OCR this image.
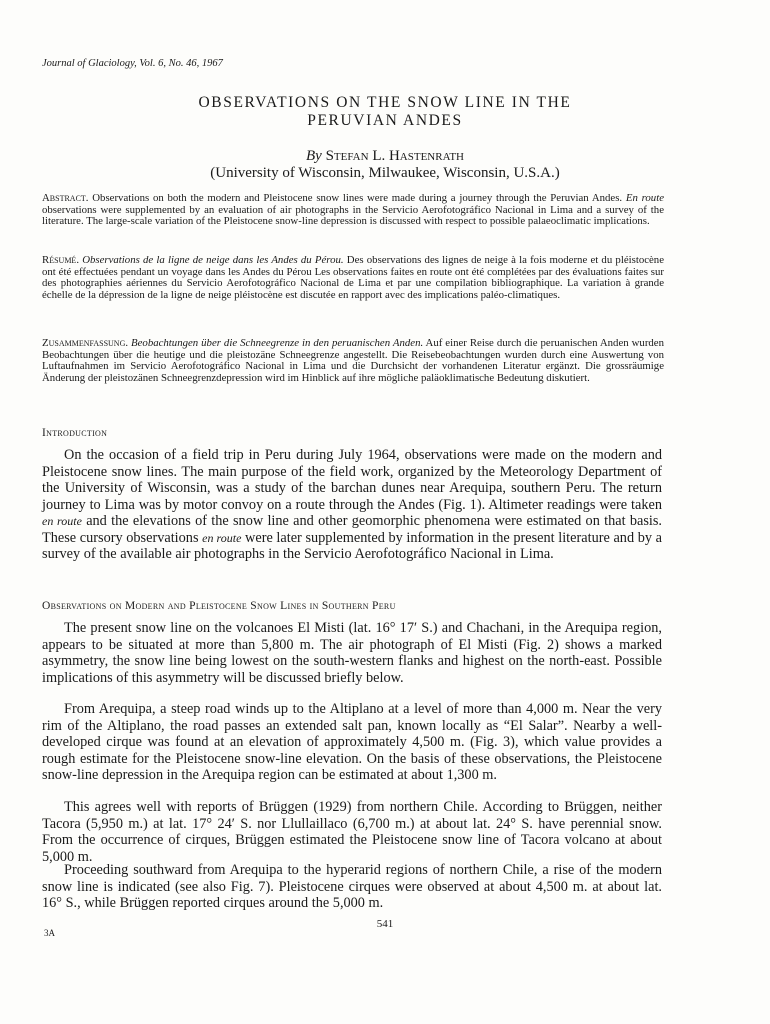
Journal of Glaciology, Vol. 6, No. 46, 1967
OBSERVATIONS ON THE SNOW LINE IN THE
PERUVIAN ANDES
By Stefan L. Hastenrath
(University of Wisconsin, Milwaukee, Wisconsin, U.S.A.)
Abstract. Observations on both the modern and Pleistocene snow lines were made during a journey through the Peruvian Andes. En route observations were supplemented by an evaluation of air photographs in the Servicio Aerofotográfico Nacional in Lima and a survey of the literature. The large-scale variation of the Pleistocene snow-line depression is discussed with respect to possible palaeoclimatic implications.
Résumé. Observations de la ligne de neige dans les Andes du Pérou. Des observations des lignes de neige à la fois moderne et du pléistocène ont été effectuées pendant un voyage dans les Andes du Pérou Les observations faites en route ont été complétées par des évaluations faites sur des photographies aériennes du Servicio Aerofotográfico Nacional de Lima et par une compilation bibliographique. La variation à grande échelle de la dépression de la ligne de neige pléistocène est discutée en rapport avec des implications paléo-climatiques.
Zusammenfassung. Beobachtungen über die Schneegrenze in den peruanischen Anden. Auf einer Reise durch die peruanischen Anden wurden Beobachtungen über die heutige und die pleistozäne Schneegrenze angestellt. Die Reisebeobachtungen wurden durch eine Auswertung von Luftaufnahmen im Servicio Aerofotográfico Nacional in Lima und die Durchsicht der vorhandenen Literatur ergänzt. Die grossräumige Änderung der pleistozänen Schneegrenzdepression wird im Hinblick auf ihre mögliche paläoklimatische Bedeutung diskutiert.
Introduction
On the occasion of a field trip in Peru during July 1964, observations were made on the modern and Pleistocene snow lines. The main purpose of the field work, organized by the Meteorology Department of the University of Wisconsin, was a study of the barchan dunes near Arequipa, southern Peru. The return journey to Lima was by motor convoy on a route through the Andes (Fig. 1). Altimeter readings were taken en route and the elevations of the snow line and other geomorphic phenomena were estimated on that basis. These cursory observations en route were later supplemented by information in the present literature and by a survey of the available air photographs in the Servicio Aerofotográfico Nacional in Lima.
Observations on Modern and Pleistocene Snow Lines in Southern Peru
The present snow line on the volcanoes El Misti (lat. 16° 17′ S.) and Chachani, in the Arequipa region, appears to be situated at more than 5,800 m. The air photograph of El Misti (Fig. 2) shows a marked asymmetry, the snow line being lowest on the south-western flanks and highest on the north-east. Possible implications of this asymmetry will be discussed briefly below.
From Arequipa, a steep road winds up to the Altiplano at a level of more than 4,000 m. Near the very rim of the Altiplano, the road passes an extended salt pan, known locally as “El Salar”. Nearby a well-developed cirque was found at an elevation of approximately 4,500 m. (Fig. 3), which value provides a rough estimate for the Pleistocene snow-line elevation. On the basis of these observations, the Pleistocene snow-line depression in the Arequipa region can be estimated at about 1,300 m.
This agrees well with reports of Brüggen (1929) from northern Chile. According to Brüggen, neither Tacora (5,950 m.) at lat. 17° 24′ S. nor Llullaillaco (6,700 m.) at about lat. 24° S. have perennial snow. From the occurrence of cirques, Brüggen estimated the Pleistocene snow line of Tacora volcano at about 5,000 m.
Proceeding southward from Arequipa to the hyperarid regions of northern Chile, a rise of the modern snow line is indicated (see also Fig. 7). Pleistocene cirques were observed at about 4,500 m. at about lat. 16° S., while Brüggen reported cirques around the 5,000 m.
541
3A
